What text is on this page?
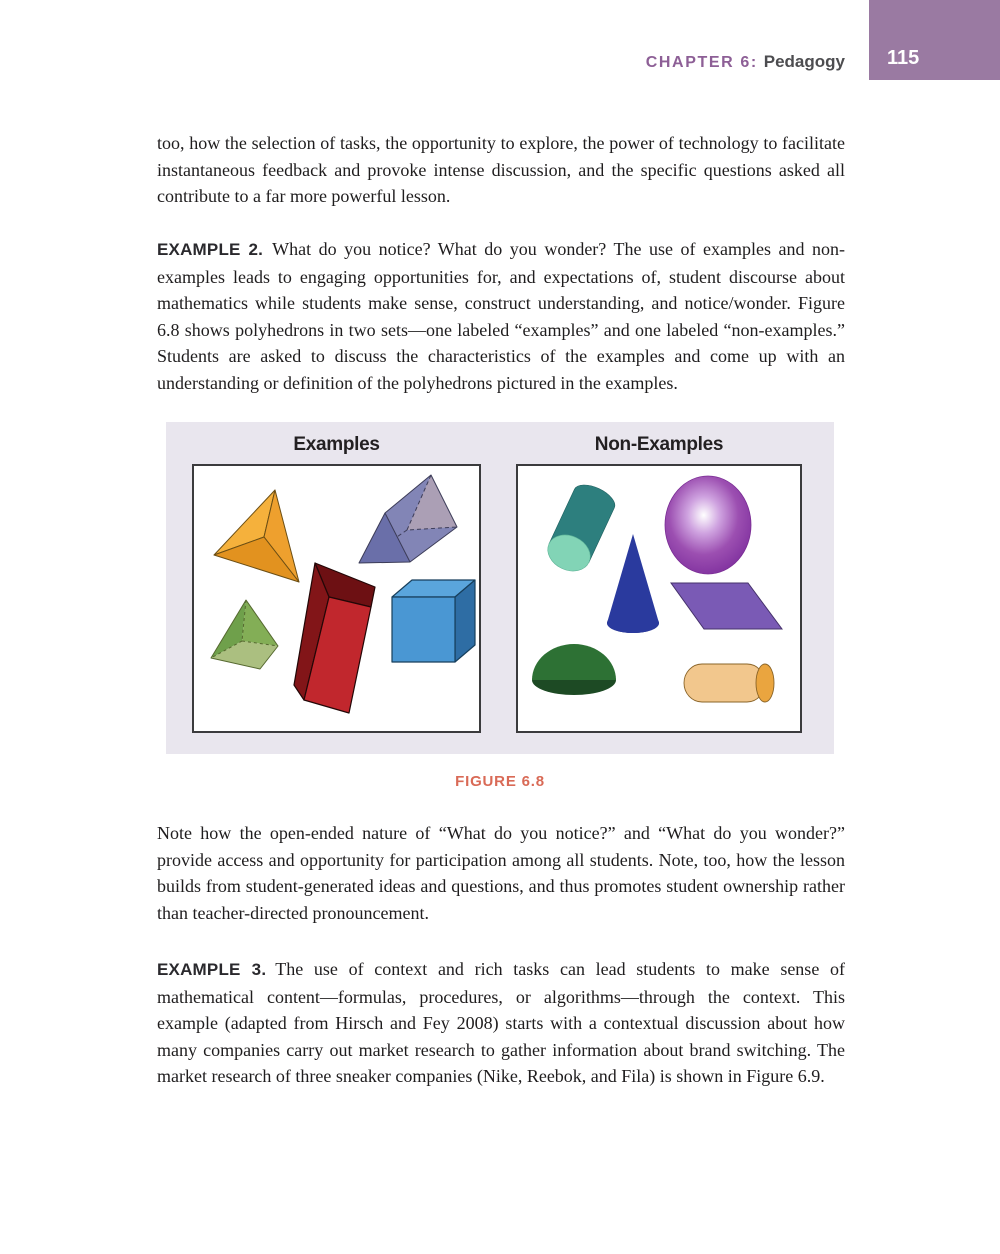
CHAPTER 6: Pedagogy 115

too, how the selection of tasks, the opportunity to explore, the power of technology to facilitate instantaneous feedback and provoke intense discussion, and the specific questions asked all contribute to a far more powerful lesson.

EXAMPLE 2. What do you notice? What do you wonder? The use of examples and non-examples leads to engaging opportunities for, and expectations of, student discourse about mathematics while students make sense, construct understanding, and notice/wonder. Figure 6.8 shows polyhedrons in two sets—one labeled “examples” and one labeled “non-examples.” Students are asked to discuss the characteristics of the examples and come up with an understanding or definition of the polyhedrons pictured in the examples.

Examples	Non-Examples
FIGURE 6.8

Note how the open-ended nature of “What do you notice?” and “What do you wonder?” provide access and opportunity for participation among all students. Note, too, how the lesson builds from student-generated ideas and questions, and thus promotes student ownership rather than teacher-directed pronouncement.

EXAMPLE 3. The use of context and rich tasks can lead students to make sense of mathematical content—formulas, procedures, or algorithms—through the context. This example (adapted from Hirsch and Fey 2008) starts with a contextual discussion about how many companies carry out market research to gather information about brand switching. The market research of three sneaker companies (Nike, Reebok, and Fila) is shown in Figure 6.9.
